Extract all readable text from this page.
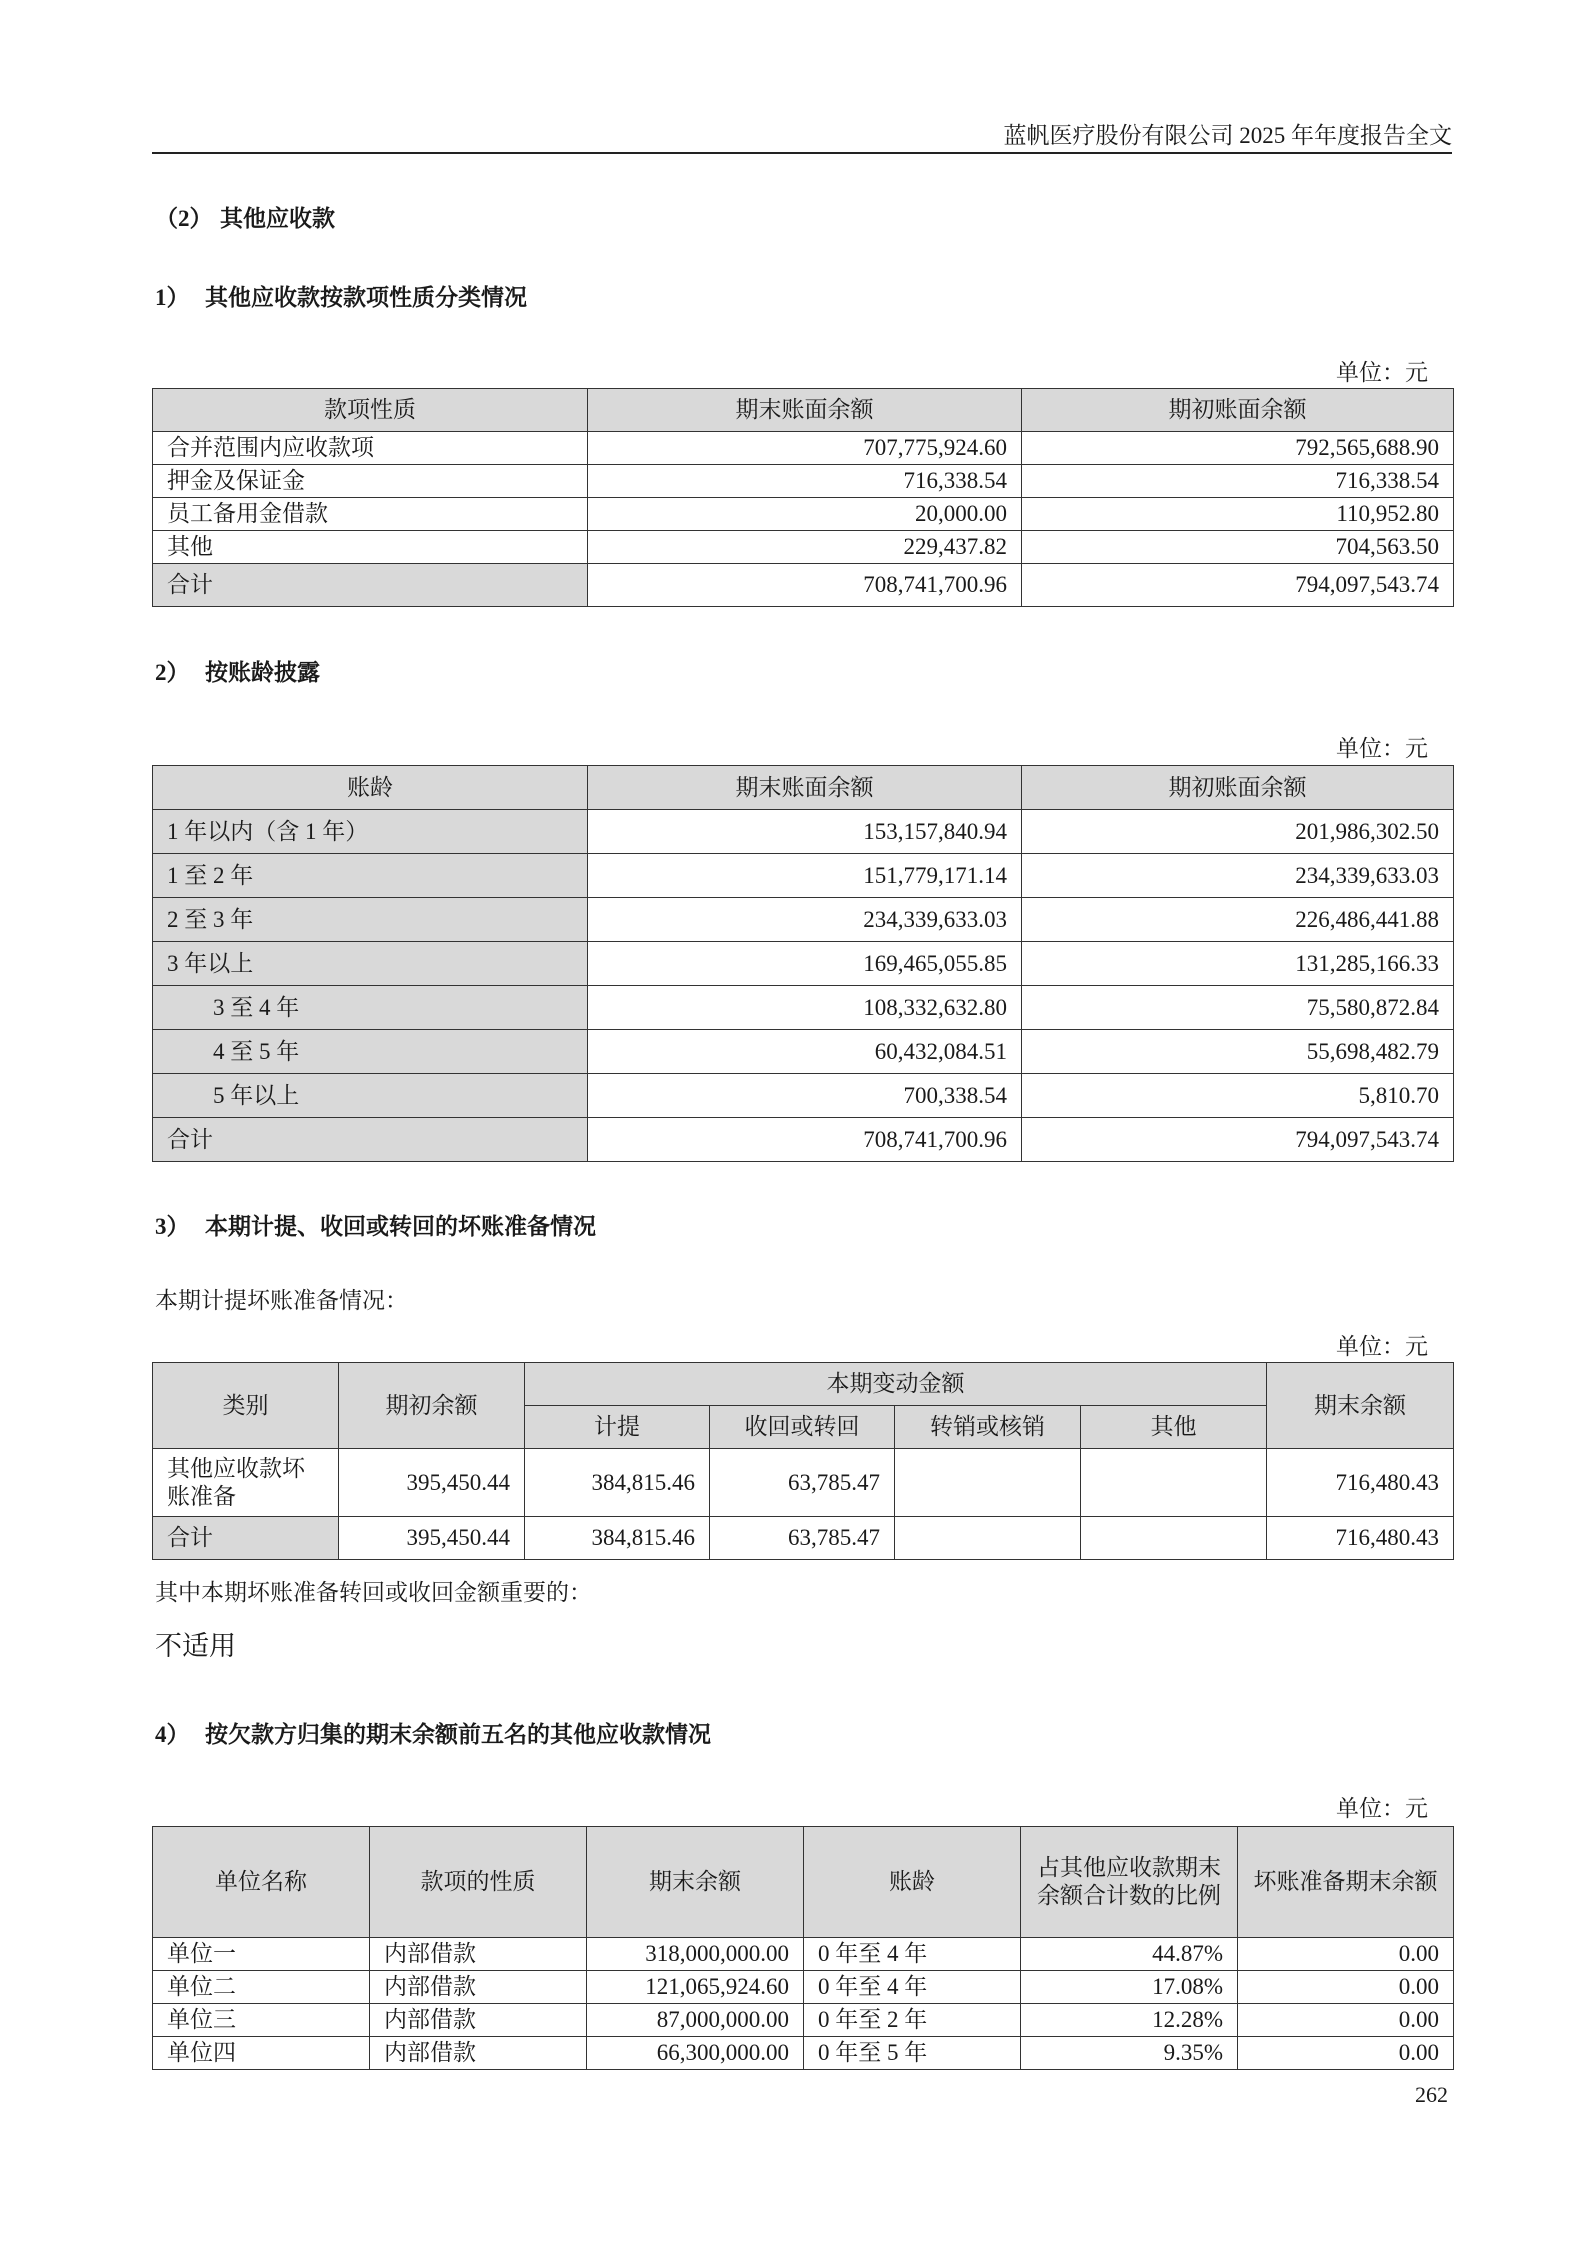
蓝帆医疗股份有限公司 2025 年年度报告全文
（2） 其他应收款
1） 其他应收款按款项性质分类情况
单位：元
款项性质	期末账面余额	期初账面余额
合并范围内应收款项	707,775,924.60	792,565,688.90
押金及保证金	716,338.54	716,338.54
员工备用金借款	20,000.00	110,952.80
其他	229,437.82	704,563.50
合计	708,741,700.96	794,097,543.74
2） 按账龄披露
单位：元
账龄	期末账面余额	期初账面余额
1 年以内（含 1 年）	153,157,840.94	201,986,302.50
1 至 2 年	151,779,171.14	234,339,633.03
2 至 3 年	234,339,633.03	226,486,441.88
3 年以上	169,465,055.85	131,285,166.33
3 至 4 年	108,332,632.80	75,580,872.84
4 至 5 年	60,432,084.51	55,698,482.79
5 年以上	700,338.54	5,810.70
合计	708,741,700.96	794,097,543.74
3） 本期计提、收回或转回的坏账准备情况
本期计提坏账准备情况：
单位：元
类别	期初余额	本期变动金额				期末余额
		计提	收回或转回	转销或核销	其他	
其他应收款坏账准备	395,450.44	384,815.46	63,785.47			716,480.43
合计	395,450.44	384,815.46	63,785.47			716,480.43
其中本期坏账准备转回或收回金额重要的：
不适用
4） 按欠款方归集的期末余额前五名的其他应收款情况
单位：元
单位名称	款项的性质	期末余额	账龄	占其他应收款期末余额合计数的比例	坏账准备期末余额
单位一	内部借款	318,000,000.00	0 年至 4 年	44.87%	0.00
单位二	内部借款	121,065,924.60	0 年至 4 年	17.08%	0.00
单位三	内部借款	87,000,000.00	0 年至 2 年	12.28%	0.00
单位四	内部借款	66,300,000.00	0 年至 5 年	9.35%	0.00
262
